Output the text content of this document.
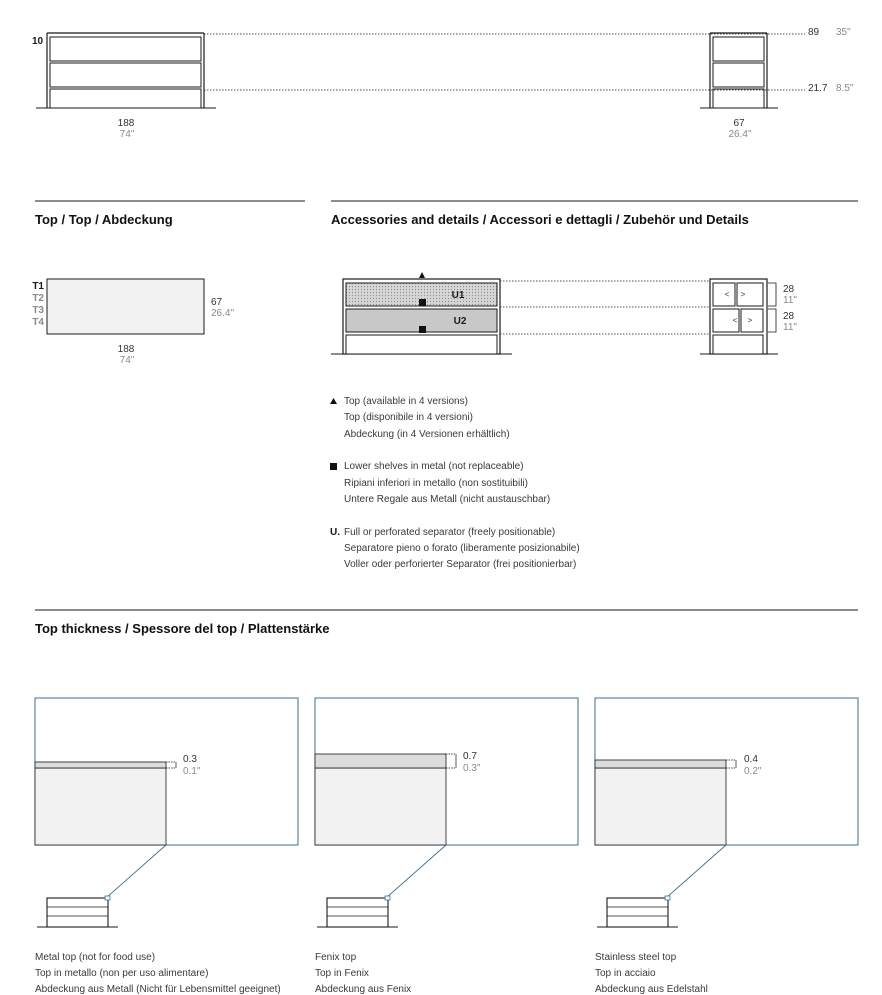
10
188
74"
67
26.4"
89 35"
21.7 8.5"
Top / Top / Abdeckung
T1
T2
T3
T4
67
26.4"
188
74"
Accessories and details / Accessori e dettagli / Zubehör und Details
U1
U2
< >
< >
28
11"
28
11"
Top (available in 4 versions)
Top (disponibile in 4 versioni)
Abdeckung (in 4 Versionen erhältlich)
Lower shelves in metal (not replaceable)
Ripiani inferiori in metallo (non sostituibili)
Untere Regale aus Metall (nicht austauschbar)
U. Full or perforated separator (freely positionable)
Separatore pieno o forato (liberamente posizionabile)
Voller oder perforierter Separator (frei positionierbar)
Top thickness / Spessore del top / Plattenstärke
0.3
0.1"
Metal top (not for food use)
Top in metallo (non per uso alimentare)
Abdeckung aus Metall (Nicht für Lebensmittel geeignet)
0.7
0.3"
Fenix top
Top in Fenix
Abdeckung aus Fenix
0.4
0.2"
Stainless steel top
Top in acciaio
Abdeckung aus Edelstahl
